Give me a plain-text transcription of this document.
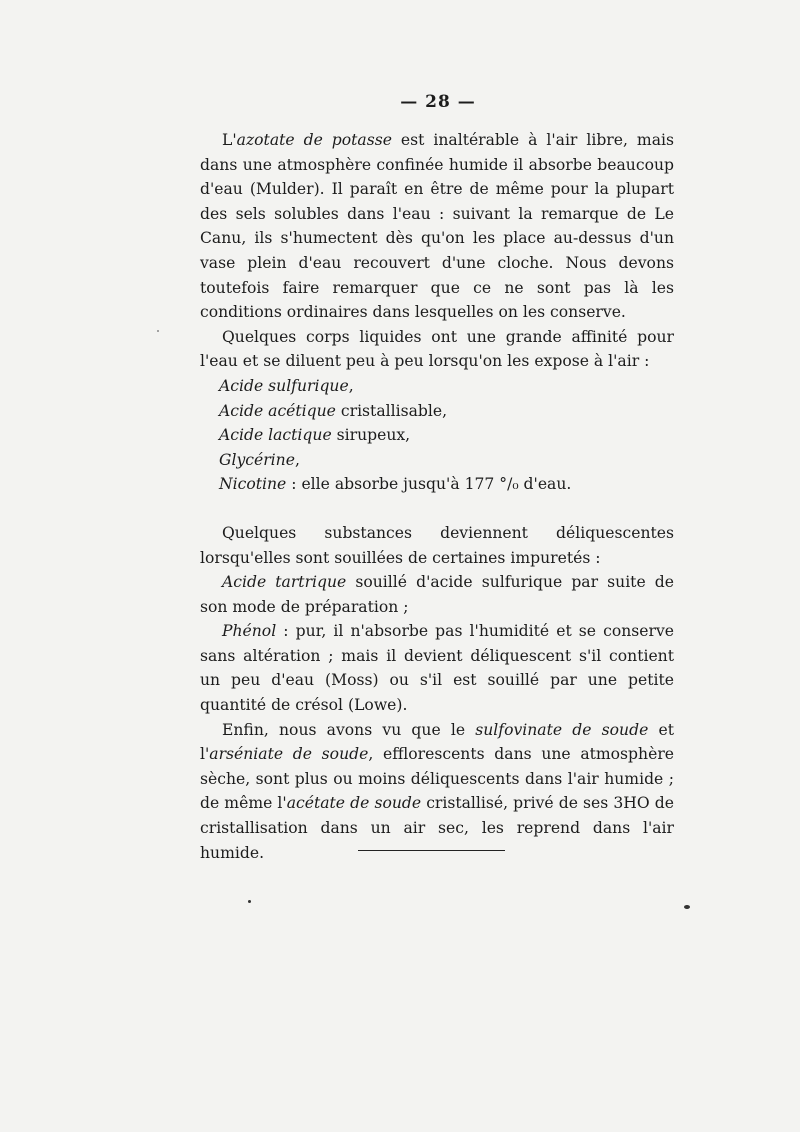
— 28 —

L'azotate de potasse est inaltérable à l'air libre, mais dans une atmosphère confinée humide il absorbe beaucoup d'eau (Mulder). Il paraît en être de même pour la plupart des sels solubles dans l'eau : suivant la remarque de Le Canu, ils s'humectent dès qu'on les place au-dessus d'un vase plein d'eau recouvert d'une cloche. Nous devons toutefois faire remarquer que ce ne sont pas là les conditions ordinaires dans lesquelles on les conserve.

Quelques corps liquides ont une grande affinité pour l'eau et se diluent peu à peu lorsqu'on les expose à l'air :

Acide sulfurique,
Acide acétique cristallisable,
Acide lactique sirupeux,
Glycérine,
Nicotine : elle absorbe jusqu'à 177 °/₀ d'eau.

Quelques substances deviennent déliquescentes lorsqu'elles sont souillées de certaines impuretés :

Acide tartrique souillé d'acide sulfurique par suite de son mode de préparation ;

Phénol : pur, il n'absorbe pas l'humidité et se conserve sans altération ; mais il devient déliquescent s'il contient un peu d'eau (Moss) ou s'il est souillé par une petite quantité de crésol (Lowe).

Enfin, nous avons vu que le sulfovinate de soude et l'arséniate de soude, efflorescents dans une atmosphère sèche, sont plus ou moins déliquescents dans l'air humide ; de même l'acétate de soude cristallisé, privé de ses 3HO de cristallisation dans un air sec, les reprend dans l'air humide.
